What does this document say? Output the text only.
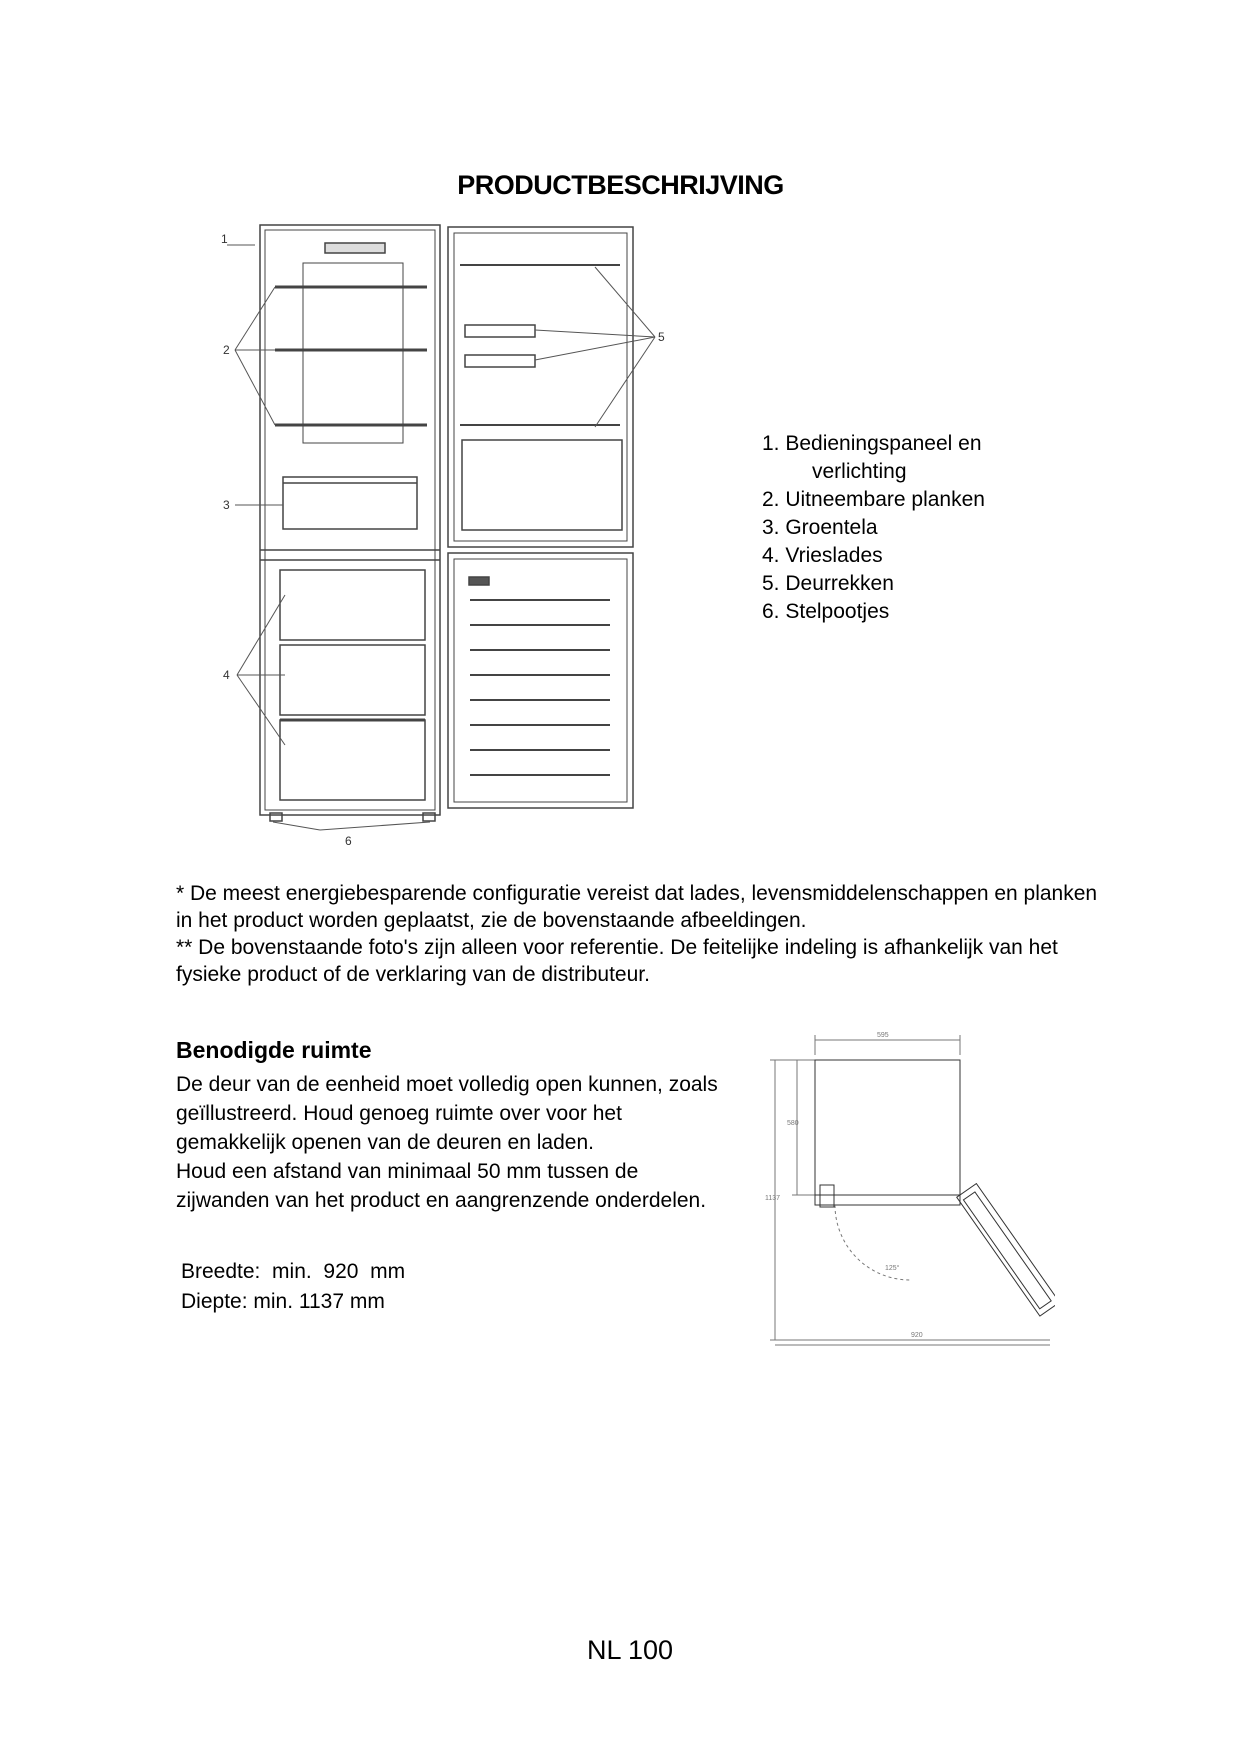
PRODUCTBESCHRIJVING
1
2
3
4
5
6
1. Bedieningspaneel en
verlichting
2. Uitneembare planken
3. Groentela
4. Vrieslades
5. Deurrekken
6. Stelpootjes

* De meest energiebesparende configuratie vereist dat lades, levensmiddelenschappen en planken in het product worden geplaatst, zie de bovenstaande afbeeldingen.

** De bovenstaande foto's zijn alleen voor referentie. De feitelijke indeling is afhankelijk van het fysieke product of de verklaring van de distributeur.

Benodigde ruimte

De deur van de eenheid moet volledig open kunnen, zoals geïllustreerd. Houd genoeg ruimte over voor het gemakkelijk openen van de deuren en laden.

Houd een afstand van minimaal 50 mm tussen de zijwanden van het product en aangrenzende onderdelen.

Breedte:  min.  920  mm
Diepte: min. 1137 mm
595
580
1137
920
125°
NL 100
